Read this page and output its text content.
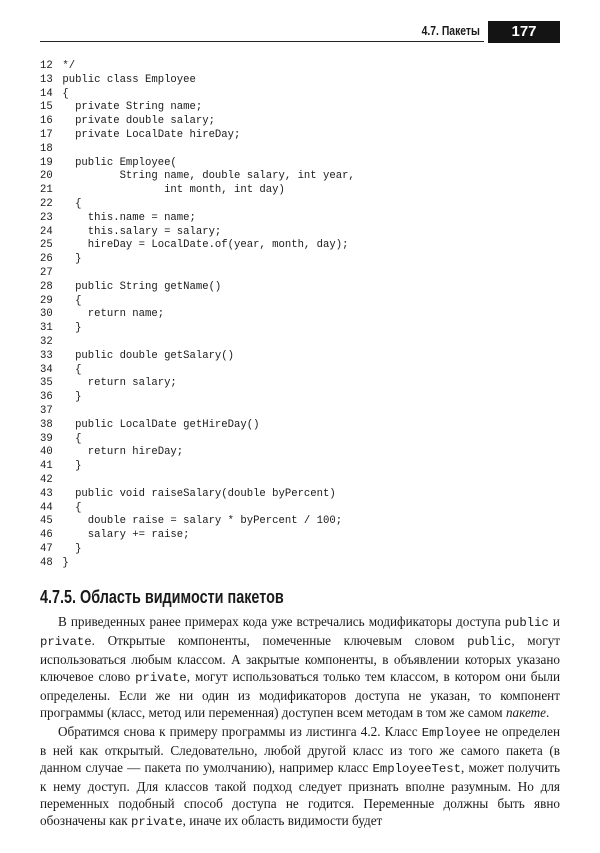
4.7. Пакеты	177
12 */
13 public class Employee
14 {
15   private String name;
16   private double salary;
17   private LocalDate hireDay;
18
19   public Employee(
20          String name, double salary, int year,
21                 int month, int day)
22   {
23     this.name = name;
24     this.salary = salary;
25     hireDay = LocalDate.of(year, month, day);
26   }
27
28   public String getName()
29   {
30     return name;
31   }
32
33   public double getSalary()
34   {
35     return salary;
36   }
37
38   public LocalDate getHireDay()
39   {
40     return hireDay;
41   }
42
43   public void raiseSalary(double byPercent)
44   {
45     double raise = salary * byPercent / 100;
46     salary += raise;
47   }
48 }
4.7.5. Область видимости пакетов

В приведенных ранее примерах кода уже встречались модификаторы доступа public и private. Открытые компоненты, помеченные ключевым словом public, могут использоваться любым классом. А закрытые компоненты, в объявлении которых указано ключевое слово private, могут использоваться только тем классом, в котором они были определены. Если же ни один из модификаторов доступа не указан, то компонент программы (класс, метод или переменная) доступен всем методам в том же самом пакете.

Обратимся снова к примеру программы из листинга 4.2. Класс Employee не определен в ней как открытый. Следовательно, любой другой класс из того же самого пакета (в данном случае — пакета по умолчанию), например класс EmployeeTest, может получить к нему доступ. Для классов такой подход следует признать вполне разумным. Но для переменных подобный способ доступа не годится. Переменные должны быть явно обозначены как private, иначе их область видимости будет
